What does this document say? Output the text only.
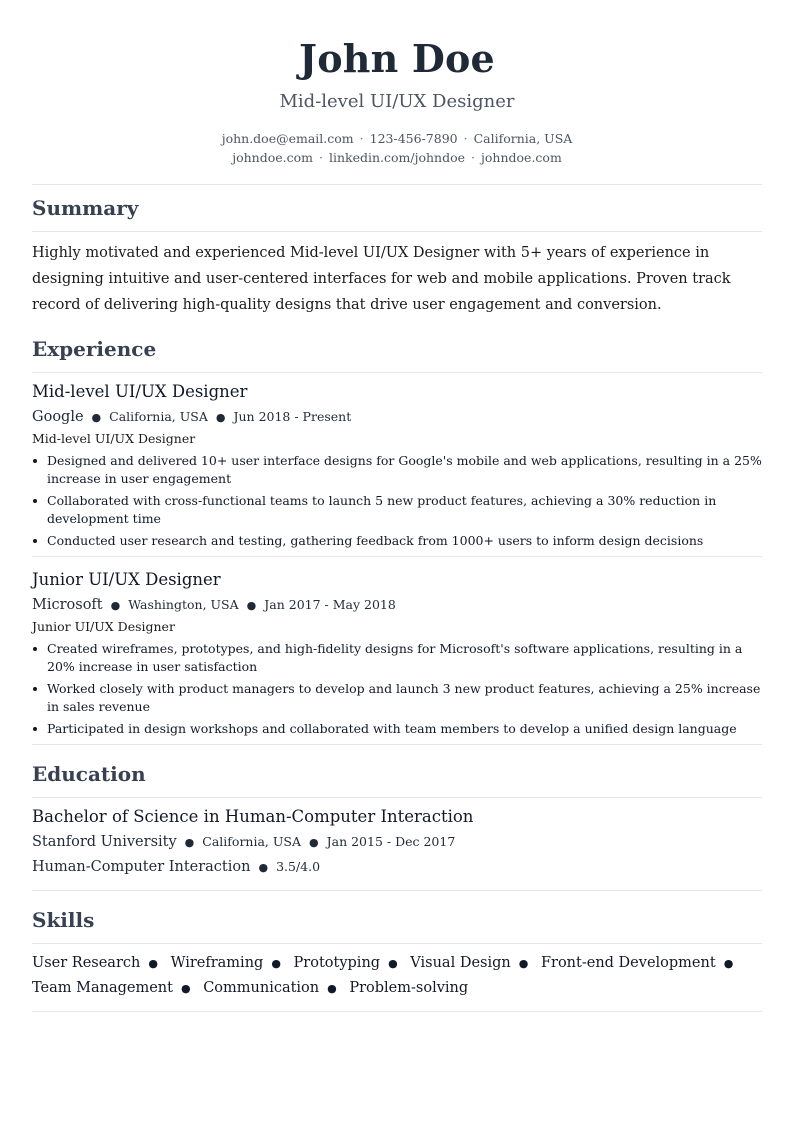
John Doe
Mid-level UI/UX Designer
john.doe@email.com · 123-456-7890 · California, USA
johndoe.com · linkedin.com/johndoe · johndoe.com
Summary
Highly motivated and experienced Mid-level UI/UX Designer with 5+ years of experience in designing intuitive and user-centered interfaces for web and mobile applications. Proven track record of delivering high-quality designs that drive user engagement and conversion.
Experience
Mid-level UI/UX Designer
Google ● California, USA ● Jun 2018 - Present
Mid-level UI/UX Designer
Designed and delivered 10+ user interface designs for Google's mobile and web applications, resulting in a 25% increase in user engagement
Collaborated with cross-functional teams to launch 5 new product features, achieving a 30% reduction in development time
Conducted user research and testing, gathering feedback from 1000+ users to inform design decisions
Junior UI/UX Designer
Microsoft ● Washington, USA ● Jan 2017 - May 2018
Junior UI/UX Designer
Created wireframes, prototypes, and high-fidelity designs for Microsoft's software applications, resulting in a 20% increase in user satisfaction
Worked closely with product managers to develop and launch 3 new product features, achieving a 25% increase in sales revenue
Participated in design workshops and collaborated with team members to develop a unified design language
Education
Bachelor of Science in Human-Computer Interaction
Stanford University ● California, USA ● Jan 2015 - Dec 2017
Human-Computer Interaction ● 3.5/4.0
Skills
User Research ● Wireframing ● Prototyping ● Visual Design ● Front-end Development ●
Team Management ● Communication ● Problem-solving
